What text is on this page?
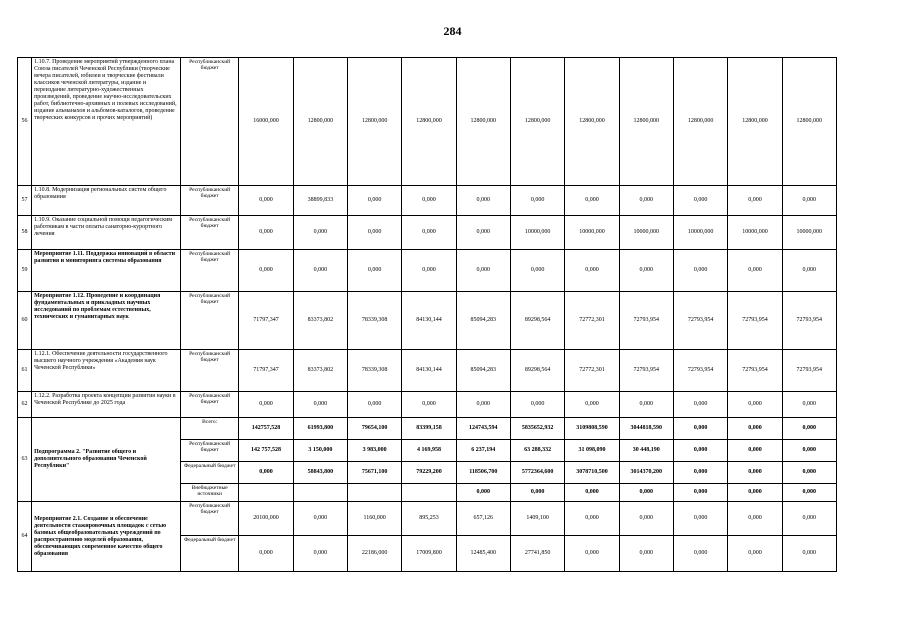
284
56	1.10.7. Проведение мероприятий утвержденного плана Союза писателей Чеченской Республики (творческие вечера писателей, юбилеи и творческие фестивали классиков чеченской литературы, издание и переиздание литературно-художественных произведений, проведение научно-исследовательских работ, библиотечно-архивных и полевых исследований, издание альманахов и альбомов-каталогов, проведение творческих конкурсов и прочих мероприятий)	Республиканский бюджет	16000,000	12800,000	12800,000	12800,000	12800,000	12800,000	12800,000	12800,000	12800,000	12800,000	12800,000
57	1.10.8. Модернизация региональных систем общего образования	Республиканский бюджет	0,000	38899,833	0,000	0,000	0,000	0,000	0,000	0,000	0,000	0,000	0,000
58	1.10.9. Оказание социальной помощи педагогическим работникам в части оплаты санаторно-курортного лечения	Республиканский бюджет	0,000	0,000	0,000	0,000	0,000	10000,000	10000,000	10000,000	10000,000	10000,000	10000,000
59	Мероприятие 1.11. Поддержка инноваций в области развития и мониторинга системы образования	Республиканский бюджет	0,000	0,000	0,000	0,000	0,000	0,000	0,000	0,000	0,000	0,000	0,000
60	Мероприятие 1.12. Проведение и координация фундаментальных и прикладных научных исследований по проблемам естественных, технических и гуманитарных наук	Республиканский бюджет	71797,347	83373,802	78339,308	84130,144	85094,283	89298,564	72772,301	72793,954	72793,954	72793,954	72793,954
61	1.12.1. Обеспечение деятельности государственного высшего научного учреждения «Академия наук Чеченской Республики»	Республиканский бюджет	71797,347	83373,802	78339,308	84130,144	85094,283	89298,564	72772,301	72793,954	72793,954	72793,954	72793,954
62	1.12.2. Разработка проекта концепции развития науки в Чеченской Республике до 2025 года	Республиканский бюджет	0,000	0,000	0,000	0,000	0,000	0,000	0,000	0,000	0,000	0,000	0,000
63	Подпрограмма 2. "Развитие общего и дополнительного образования Чеченской Республики"	Всего:	142757,528	61993,800	79654,100	83399,158	124743,594	5835652,932	3109808,590	3044818,590	0,000	0,000	0,000
		Республиканский бюджет	142 757,528	3 150,000	3 983,000	4 169,958	6 237,194	63 288,332	31 098,090	30 448,190	0,000	0,000	0,000
		Федеральный бюджет	0,000	58843,800	75671,100	79229,200	118506,700	5772364,600	3078710,500	3014370,200	0,000	0,000	0,000
		Внебюджетные источники					0,000	0,000	0,000	0,000	0,000	0,000	0,000
64	Мероприятие 2.1. Создание и обеспечение деятельности стажировочных площадок с сетью базовых общеобразовательных учреждений по распространению моделей образования, обеспечивающих современное качество общего образования	Республиканский бюджет	20100,000	0,000	1160,000	895,253	657,126	1409,100	0,000	0,000	0,000	0,000	0,000
		Федеральный бюджет	0,000	0,000	22186,000	17009,800	12485,400	27741,850	0,000	0,000	0,000	0,000	0,000
